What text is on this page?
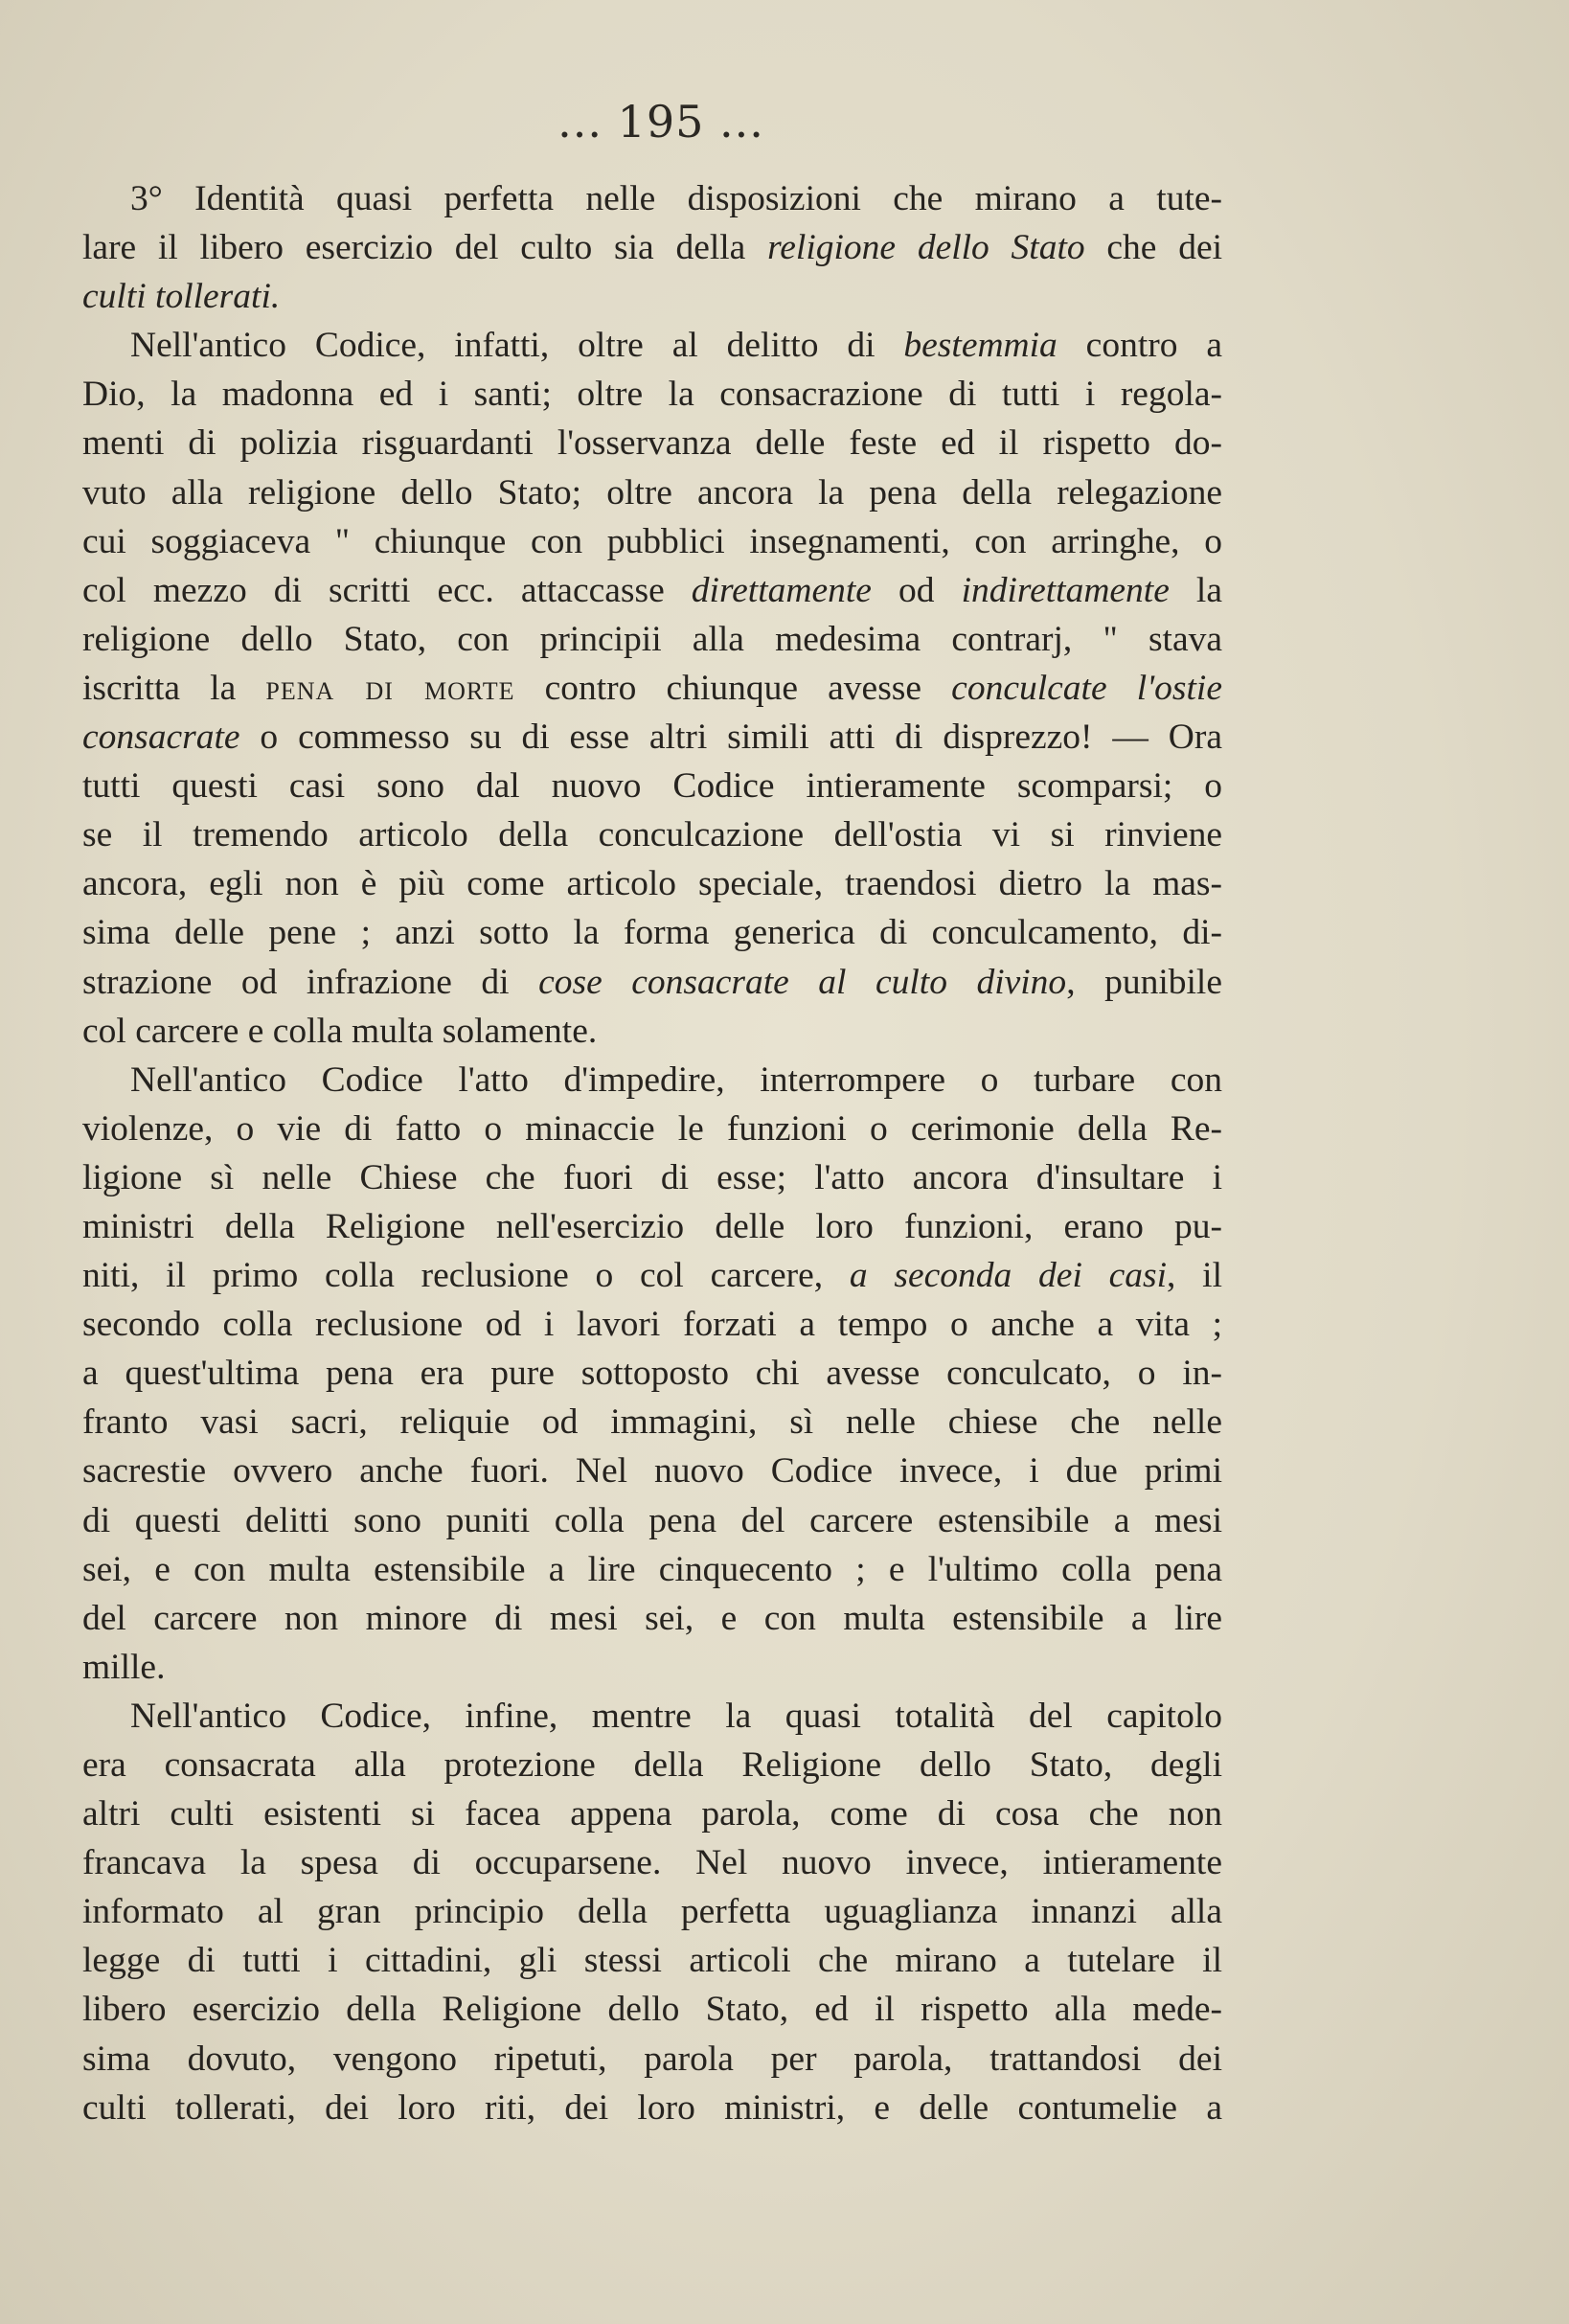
... 195 ...
3° Identità quasi perfetta nelle disposizioni che mirano a tute-
lare il libero esercizio del culto sia della religione dello Stato che dei
culti tollerati.
Nell'antico Codice, infatti, oltre al delitto di bestemmia contro a
Dio, la madonna ed i santi; oltre la consacrazione di tutti i regola-
menti di polizia risguardanti l'osservanza delle feste ed il rispetto do-
vuto alla religione dello Stato; oltre ancora la pena della relegazione
cui soggiaceva " chiunque con pubblici insegnamenti, con arringhe, o
col mezzo di scritti ecc. attaccasse direttamente od indirettamente la
religione dello Stato, con principii alla medesima contrarj, " stava
iscritta la pena di morte contro chiunque avesse conculcate l'ostie
consacrate o commesso su di esse altri simili atti di disprezzo! — Ora
tutti questi casi sono dal nuovo Codice intieramente scomparsi; o
se il tremendo articolo della conculcazione dell'ostia vi si rinviene
ancora, egli non è più come articolo speciale, traendosi dietro la mas-
sima delle pene ; anzi sotto la forma generica di conculcamento, di-
strazione od infrazione di cose consacrate al culto divino, punibile
col carcere e colla multa solamente.
Nell'antico Codice l'atto d'impedire, interrompere o turbare con
violenze, o vie di fatto o minaccie le funzioni o cerimonie della Re-
ligione sì nelle Chiese che fuori di esse; l'atto ancora d'insultare i
ministri della Religione nell'esercizio delle loro funzioni, erano pu-
niti, il primo colla reclusione o col carcere, a seconda dei casi, il
secondo colla reclusione od i lavori forzati a tempo o anche a vita ;
a quest'ultima pena era pure sottoposto chi avesse conculcato, o in-
franto vasi sacri, reliquie od immagini, sì nelle chiese che nelle
sacrestie ovvero anche fuori. Nel nuovo Codice invece, i due primi
di questi delitti sono puniti colla pena del carcere estensibile a mesi
sei, e con multa estensibile a lire cinquecento ; e l'ultimo colla pena
del carcere non minore di mesi sei, e con multa estensibile a lire
mille.
Nell'antico Codice, infine, mentre la quasi totalità del capitolo
era consacrata alla protezione della Religione dello Stato, degli
altri culti esistenti si facea appena parola, come di cosa che non
francava la spesa di occuparsene. Nel nuovo invece, intieramente
informato al gran principio della perfetta uguaglianza innanzi alla
legge di tutti i cittadini, gli stessi articoli che mirano a tutelare il
libero esercizio della Religione dello Stato, ed il rispetto alla mede-
sima dovuto, vengono ripetuti, parola per parola, trattandosi dei
culti tollerati, dei loro riti, dei loro ministri, e delle contumelie a
